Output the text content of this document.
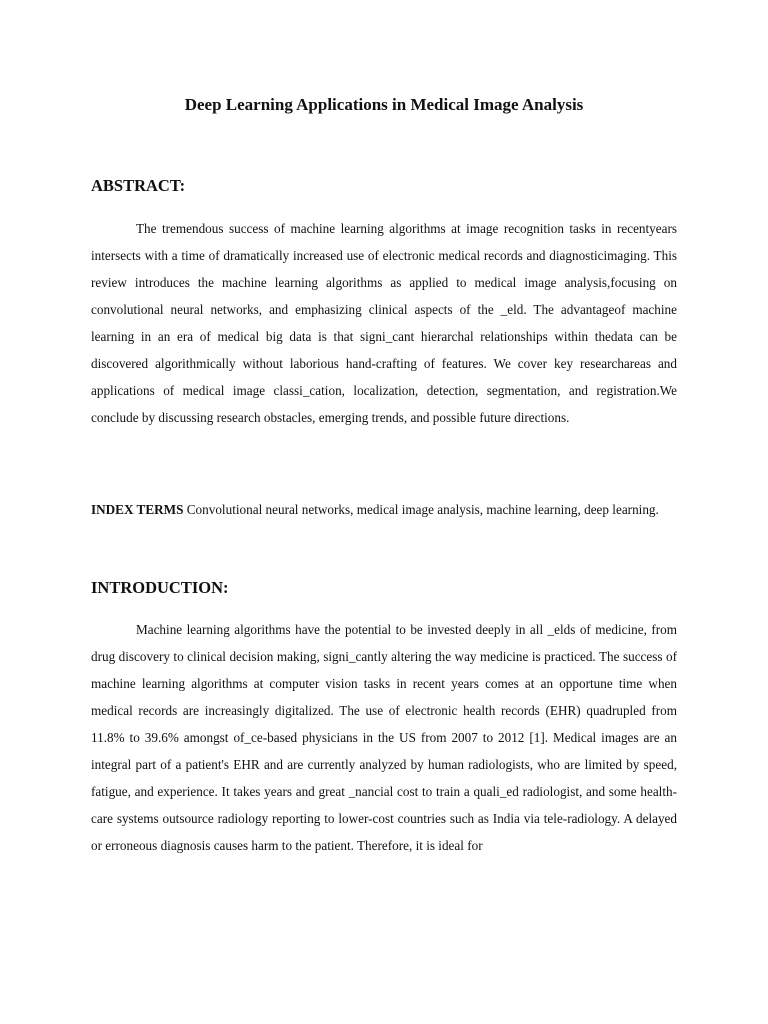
Deep Learning Applications in Medical Image Analysis
ABSTRACT:

The tremendous success of machine learning algorithms at image recognition tasks in recentyears intersects with a time of dramatically increased use of electronic medical records and diagnosticimaging. This review introduces the machine learning algorithms as applied to medical image analysis,focusing on convolutional neural networks, and emphasizing clinical aspects of the _eld. The advantageof machine learning in an era of medical big data is that signi_cant hierarchal relationships within thedata can be discovered algorithmically without laborious hand-crafting of features. We cover key researchareas and applications of medical image classi_cation, localization, detection, segmentation, and registration.We conclude by discussing research obstacles, emerging trends, and possible future directions.

INDEX TERMS Convolutional neural networks, medical image analysis, machine learning, deep learning.

INTRODUCTION:

Machine learning algorithms have the potential to be invested deeply in all _elds of medicine, from drug discovery to clinical decision making, signi_cantly altering the way medicine is practiced. The success of machine learning algorithms at computer vision tasks in recent years comes at an opportune time when medical records are increasingly digitalized. The use of electronic health records (EHR) quadrupled from 11.8% to 39.6% amongst of_ce-based physicians in the US from 2007 to 2012 [1]. Medical images are an integral part of a patient's EHR and are currently analyzed by human radiologists, who are limited by speed, fatigue, and experience. It takes years and great _nancial cost to train a quali_ed radiologist, and some health-care systems outsource radiology reporting to lower-cost countries such as India via tele-radiology. A delayed or erroneous diagnosis causes harm to the patient. Therefore, it is ideal for
